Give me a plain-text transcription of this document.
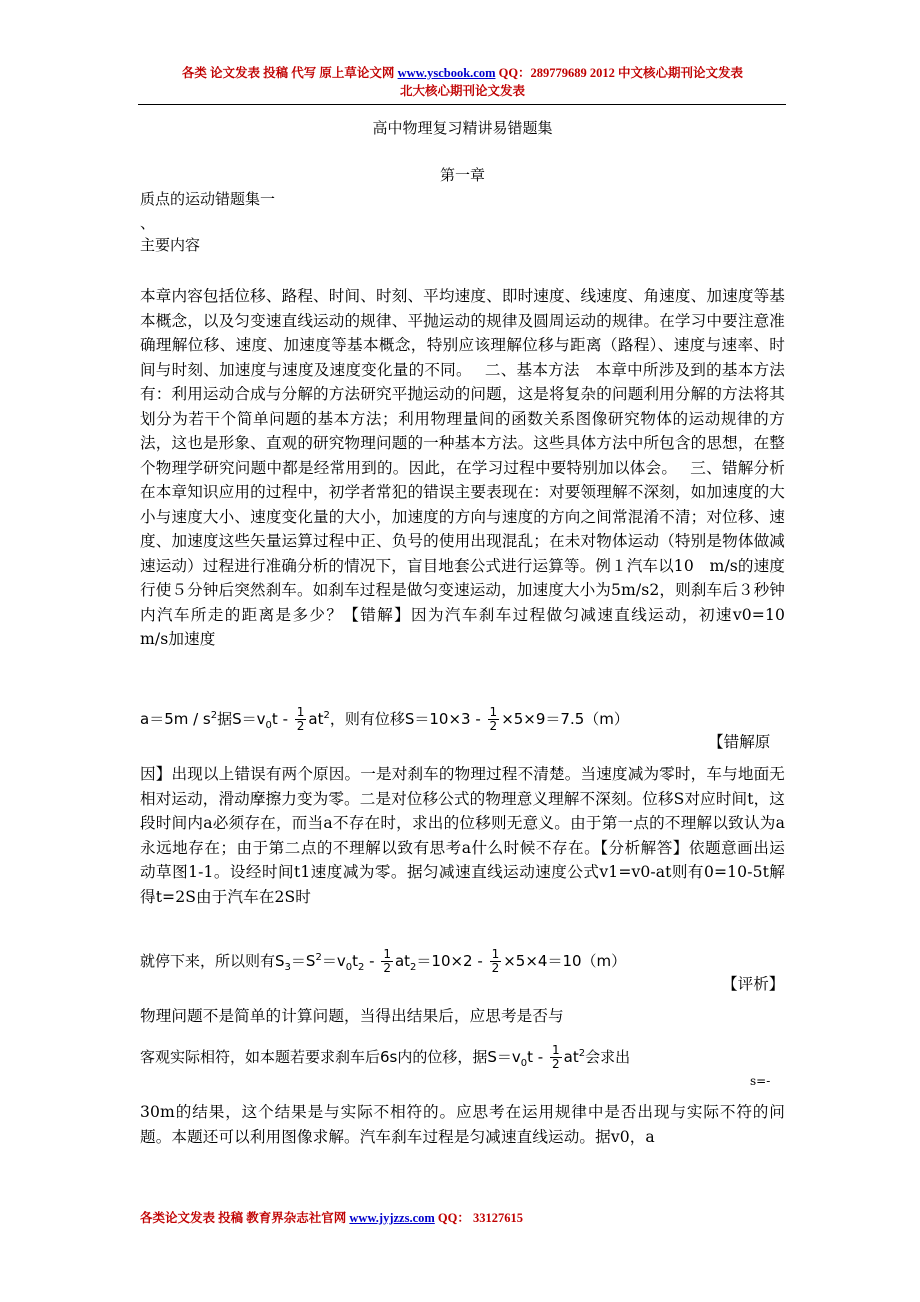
各类 论文发表 投稿 代写 原上草论文网 www.yscbook.com QQ：289779689 2012 中文核心期刊论文发表
北大核心期刊论文发表
高中物理复习精讲易错题集
第一章
质点的运动错题集一
、
主要内容
本章内容包括位移、路程、时间、时刻、平均速度、即时速度、线速度、角速度、加速度等基本概念，以及匀变速直线运动的规律、平抛运动的规律及圆周运动的规律。在学习中要注意准确理解位移、速度、加速度等基本概念，特别应该理解位移与距离（路程）、速度与速率、时间与时刻、加速度与速度及速度变化量的不同。　 二、基本方法　本章中所涉及到的基本方法有：利用运动合成与分解的方法研究平抛运动的问题，这是将复杂的问题利用分解的方法将其划分为若干个简单问题的基本方法；利用物理量间的函数关系图像研究物体的运动规律的方法，这也是形象、直观的研究物理问题的一种基本方法。这些具体方法中所包含的思想，在整个物理学研究问题中都是经常用到的。因此，在学习过程中要特别加以体会。　 三、错解分析　在本章知识应用的过程中，初学者常犯的错误主要表现在：对要领理解不深刻，如加速度的大小与速度大小、速度变化量的大小，加速度的方向与速度的方向之间常混淆不清；对位移、速度、加速度这些矢量运算过程中正、负号的使用出现混乱；在未对物体运动（特别是物体做减速运动）过程进行准确分析的情况下，盲目地套公式进行运算等。例１汽车以10　m/s的速度行使５分钟后突然刹车。如刹车过程是做匀变速运动，加速度大小为5m/s2，则刹车后３秒钟内汽车所走的距离是多少？【错解】因为汽车刹车过程做匀减速直线运动，初速v0=10　m/s加速度
$a=5m / s^2$据$S=v_0t - \frac{1}{2} at^2$，则有位移$S=10\times 3 - \frac{1}{2} \times 5\times 9=7.5(m)$
【错解原
因】出现以上错误有两个原因。一是对刹车的物理过程不清楚。当速度减为零时，车与地面无相对运动，滑动摩擦力变为零。二是对位移公式的物理意义理解不深刻。位移S对应时间t，这段时间内a必须存在，而当a不存在时，求出的位移则无意义。由于第一点的不理解以致认为a永远地存在；由于第二点的不理解以致有思考a什么时候不存在。【分析解答】依题意画出运动草图1-1。设经时间t1速度减为零。据匀减速直线运动速度公式v1=v0-at则有0=10-5t解得t=2S由于汽车在2S时
就停下来，所以则有$S_3=S^2=v_0t_2 - \frac{1}{2} at_2=10\times 2 - \frac{1}{2} \times 5\times 4=10(m)$
【评析】
物理问题不是简单的计算问题，当得出结果后，应思考是否与
客观实际相符，如本题若要求刹车后6s内的位移，据$S=v_0t - \frac{1}{2} at^2$会求出
s=-
30m的结果，这个结果是与实际不相符的。应思考在运用规律中是否出现与实际不符的问题。本题还可以利用图像求解。汽车刹车过程是匀减速直线运动。据v0，a
各类论文发表 投稿 教育界杂志社官网 www.jyjzzs.com QQ： 33127615
